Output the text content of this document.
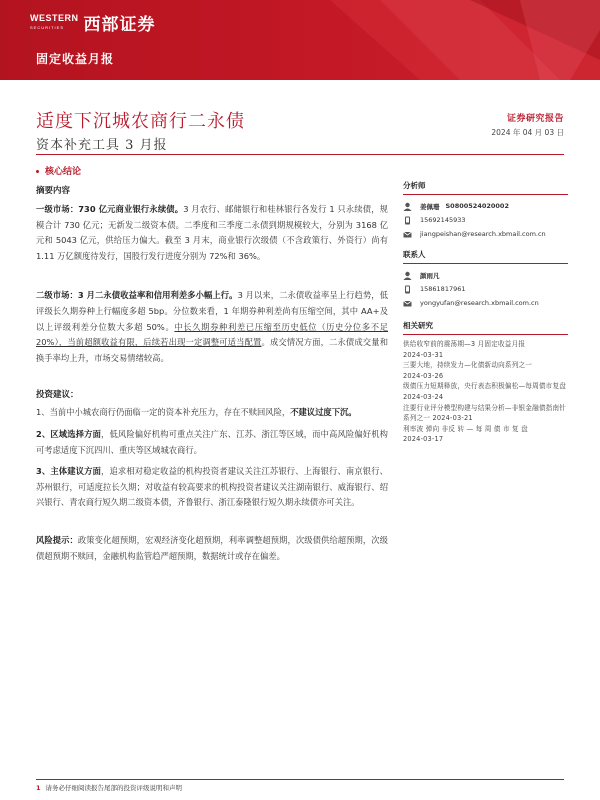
WESTERN
SECURITIES	西部证券
固定收益月报
适度下沉城农商行二永债
资本补充工具 3 月报
证券研究报告
2024 年 04 月 03 日
核心结论
摘要内容

一级市场：730 亿元商业银行永续债。3 月农行、邮储银行和桂林银行各发行 1 只永续债，规模合计 730 亿元；无新发二级资本债。二季度和三季度二永债到期规模较大，分别为 3168 亿元和 5043 亿元，供给压力偏大。截至 3 月末，商业银行次级债（不含政策行、外资行）尚有 1.11 万亿额度待发行，国股行发行进度分别为 72%和 36%。

二级市场：3 月二永债收益率和信用利差多小幅上行。3 月以来，二永债收益率呈上行趋势，低评级长久期券种上行幅度多超 5bp。分位数来看，1 年期券种利差尚有压缩空间，其中 AA+及以上评级利差分位数大多超 50%。中长久期券种利差已压缩至历史低位（历史分位多不足 20%），当前超额收益有限，后续若出现一定调整可适当配置。成交情况方面，二永债成交量和换手率均上升，市场交易情绪较高。

投资建议：

1、当前中小城农商行仍面临一定的资本补充压力，存在不赎回风险，不建议过度下沉。

2、区域选择方面，低风险偏好机构可重点关注广东、江苏、浙江等区域，而中高风险偏好机构可考虑适度下沉四川、重庆等区域城农商行。

3、主体建议方面，追求相对稳定收益的机构投资者建议关注江苏银行、上海银行、南京银行、苏州银行，可适度拉长久期；对收益有较高要求的机构投资者建议关注湖南银行、威海银行、绍兴银行、青农商行短久期二级资本债，齐鲁银行、浙江泰隆银行短久期永续债亦可关注。

风险提示：政策变化超预期，宏观经济变化超预期，利率调整超预期，次级债供给超预期，次级债超预期不赎回，金融机构监管趋严超预期，数据统计或存在偏差。

分析师
姜佩珊 S0800524020002
15692145933
jiangpeishan@research.xbmail.com.cn
联系人
颜雨凡
15861817961
yongyufan@research.xbmail.com.cn
相关研究
供给收窄前的震荡期—3 月固定收益月报
2024-03-31
三要大地，持续发力—化债新动向系列之一
2024-03-26
级债压力短期释放，央行表态积极偏松—每周债市复盘 2024-03-24
注要行业评分模型构建与结果分析—非银金融债指南针系列之一 2024-03-21
利率波 弹向 非反 转 — 每 周 债 市 复 盘
2024-03-17
1 请务必仔细阅读报告尾部的投资评级说明和声明
